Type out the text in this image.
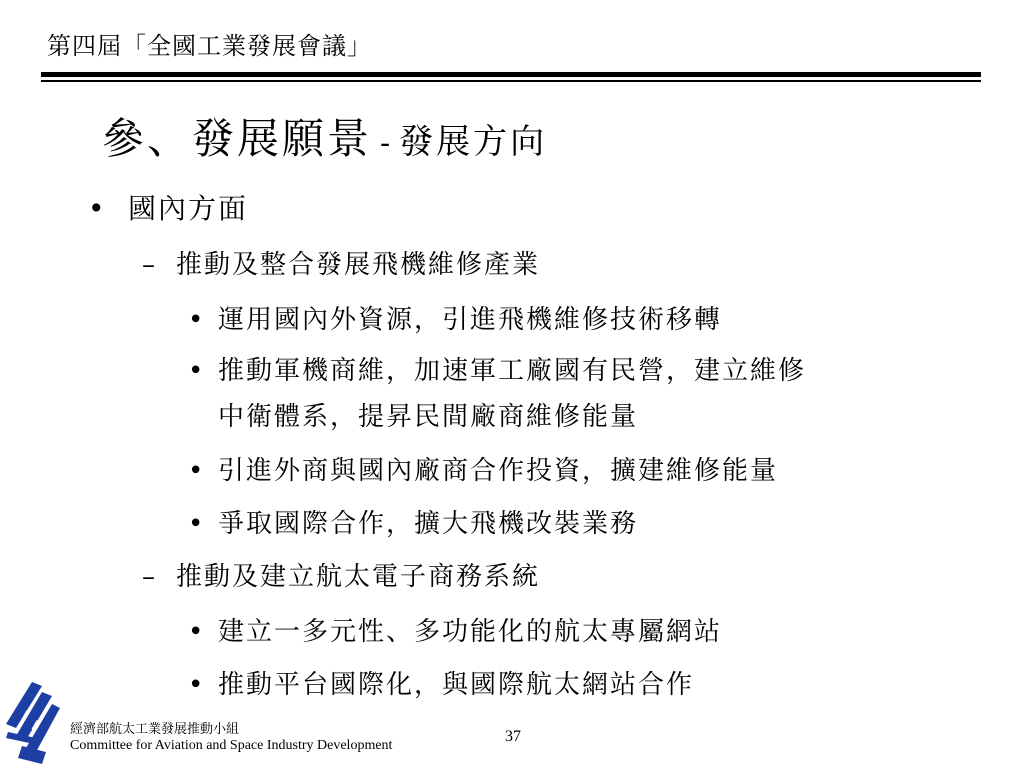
第四屆「全國工業發展會議」
參、發展願景 - 發展方向
• 國內方面
– 推動及整合發展飛機維修產業
• 運用國內外資源，引進飛機維修技術移轉
• 推動軍機商維，加速軍工廠國有民營，建立維修
中衛體系，提昇民間廠商維修能量
• 引進外商與國內廠商合作投資，擴建維修能量
• 爭取國際合作，擴大飛機改裝業務
– 推動及建立航太電子商務系統
• 建立一多元性、多功能化的航太專屬網站
• 推動平台國際化，與國際航太網站合作
經濟部航太工業發展推動小組
Committee for Aviation and Space Industry Development
37
